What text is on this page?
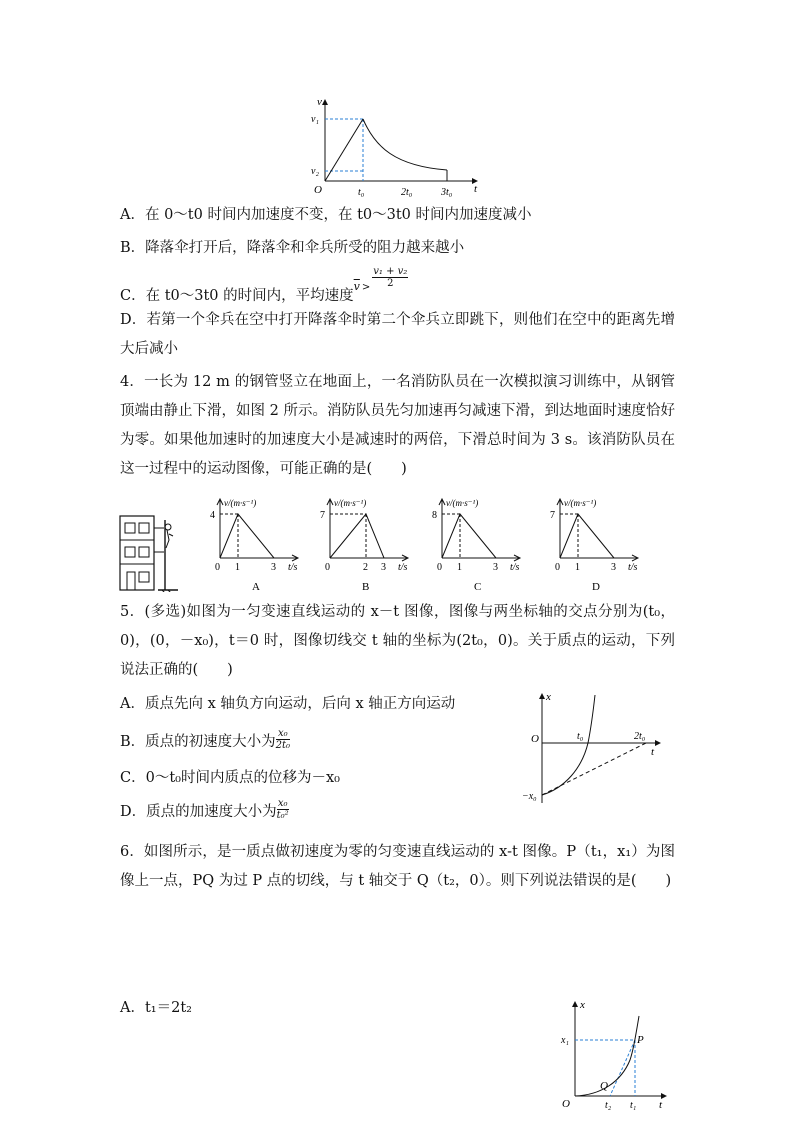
v
v₁
v₂
O	t₀	2t₀	3t₀ t
A．在 0～t0 时间内加速度不变，在 t0～3t0 时间内加速度减小
B．降落伞打开后，降落伞和伞兵所受的阻力越来越小
C．在 t0～3t0 的时间内，平均速度$_{\overline{v}}$ $_> \frac{\text{v₁ + v₂}}{2}$
D．若第一个伞兵在空中打开降落伞时第二个伞兵立即跳下，则他们在空中的距离先增大后减小
4．一长为 12 m 的钢管竖立在地面上，一名消防队员在一次模拟演习训练中，从钢管顶端由静止下滑，如图 2 所示。消防队员先匀加速再匀减速下滑，到达地面时速度恰好为零。如果他加速时的加速度大小是减速时的两倍，下滑总时间为 3 s。该消防队员在这一过程中的运动图像，可能正确的是(　　)
v/(m·s⁻¹)
4
0 1	3 t/s
A
v/(m·s⁻¹)
7
0	2 3 t/s
B
v/(m·s⁻¹)
8
0 1	3 t/s
C
v/(m·s⁻¹)
7
0 1	3 t/s
D
5．(多选)如图为一匀变速直线运动的 x－t 图像，图像与两坐标轴的交点分别为(t₀，0)，(0，－x₀)，t＝0 时，图像切线交 t 轴的坐标为(2t₀，0)。关于质点的运动，下列说法正确的(　　)
A．质点先向 x 轴负方向运动，后向 x 轴正方向运动
B．质点的初速度大小为 $\frac{\text{x₀}}{\text{2t₀}}$
C．0～t₀时间内质点的位移为－x₀
D．质点的加速度大小为 $\frac{\text{x₀}}{\text{t₀²}}$
x
O	t₀	2t₀
t
−x₀
6．如图所示，是一质点做初速度为零的匀变速直线运动的 x-t 图像。P（t₁，x₁）为图像上一点，PQ 为过 P 点的切线，与 t 轴交于 Q（t₂，0）。则下列说法错误的是(　　)
A．t₁＝2t₂	x
x₁	P
Q
O	t₂ t₁ t
